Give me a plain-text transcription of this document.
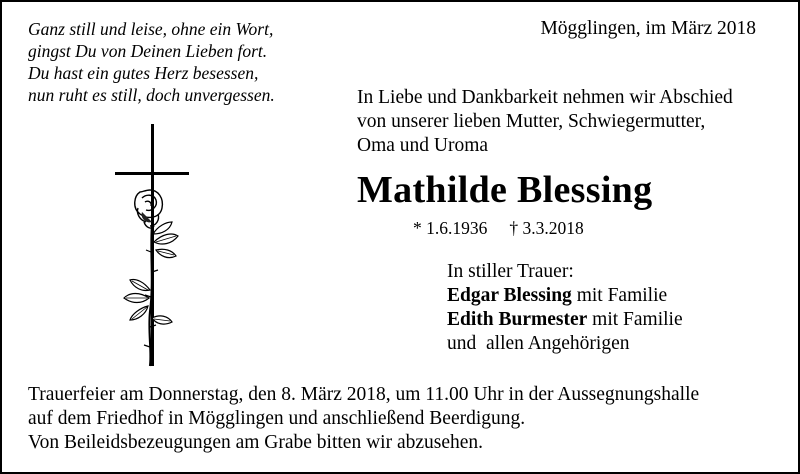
Ganz still und leise, ohne ein Wort,
gingst Du von Deinen Lieben fort.
Du hast ein gutes Herz besessen,
nun ruht es still, doch unvergessen.
Mögglingen, im März 2018
In Liebe und Dankbarkeit nehmen wir Abschied
von unserer lieben Mutter, Schwiegermutter,
Oma und Uroma
Mathilde Blessing
* 1.6.1936 † 3.3.2018
In stiller Trauer:
Edgar Blessing mit Familie
Edith Burmester mit Familie
und  allen Angehörigen
Trauerfeier am Donnerstag, den 8. März 2018, um 11.00 Uhr in der Aussegnungshalle
auf dem Friedhof in Mögglingen und anschließend Beerdigung.
Von Beileidsbezeugungen am Grabe bitten wir abzusehen.
